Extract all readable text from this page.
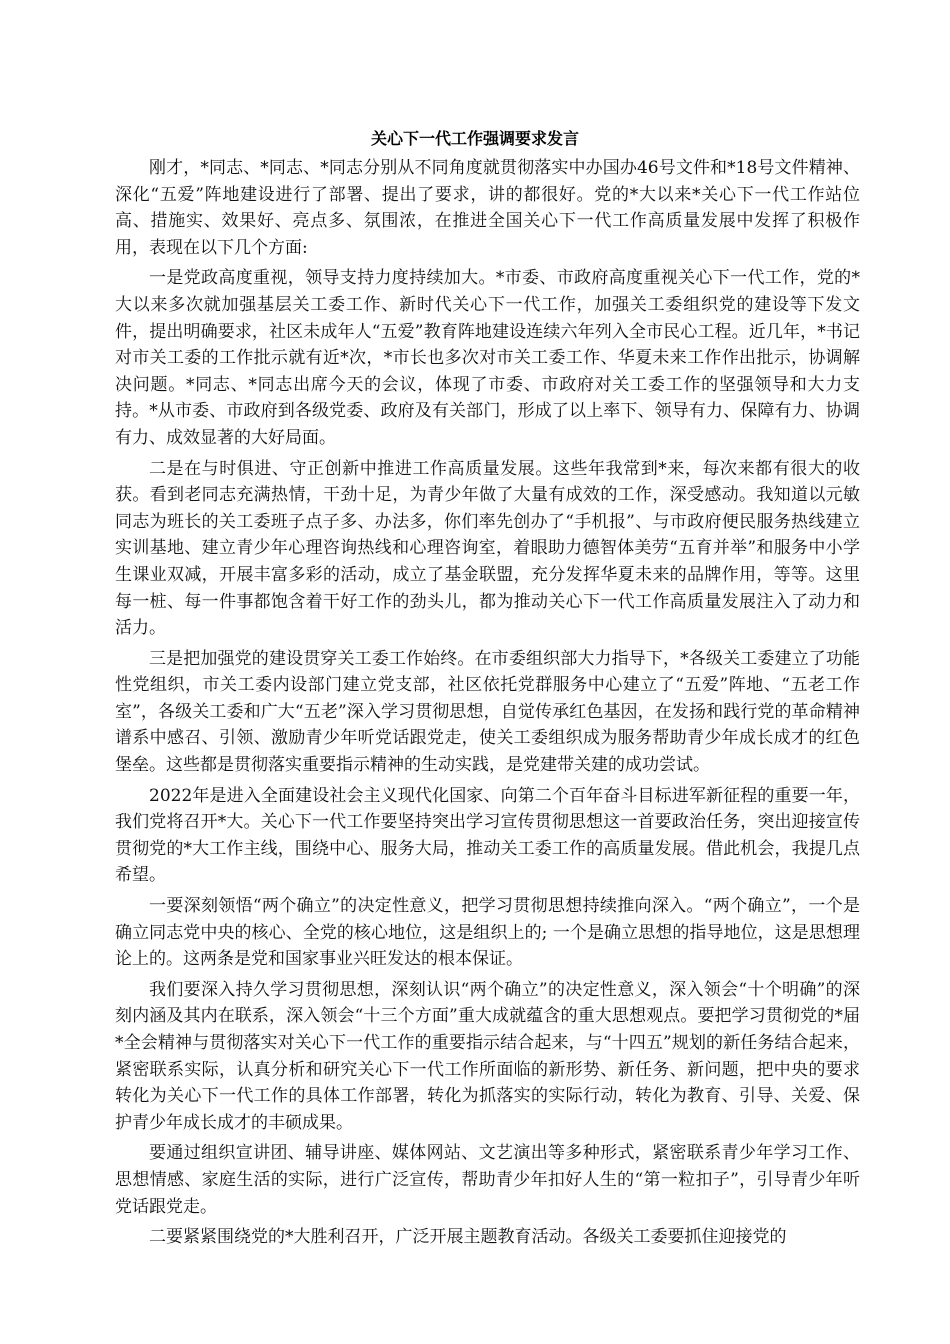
关心下一代工作强调要求发言

刚才，*同志、*同志、*同志分别从不同角度就贯彻落实中办国办46号文件和*18号文件精神、深化“五爱”阵地建设进行了部署、提出了要求，讲的都很好。党的*大以来*关心下一代工作站位高、措施实、效果好、亮点多、氛围浓，在推进全国关心下一代工作高质量发展中发挥了积极作用，表现在以下几个方面:

一是党政高度重视，领导支持力度持续加大。*市委、市政府高度重视关心下一代工作，党的*大以来多次就加强基层关工委工作、新时代关心下一代工作，加强关工委组织党的建设等下发文件，提出明确要求，社区未成年人“五爱”教育阵地建设连续六年列入全市民心工程。近几年，*书记对市关工委的工作批示就有近*次，*市长也多次对市关工委工作、华夏未来工作作出批示，协调解决问题。*同志、*同志出席今天的会议，体现了市委、市政府对关工委工作的坚强领导和大力支持。*从市委、市政府到各级党委、政府及有关部门，形成了以上率下、领导有力、保障有力、协调有力、成效显著的大好局面。

二是在与时俱进、守正创新中推进工作高质量发展。这些年我常到*来，每次来都有很大的收获。看到老同志充满热情，干劲十足，为青少年做了大量有成效的工作，深受感动。我知道以元敏同志为班长的关工委班子点子多、办法多，你们率先创办了“手机报”、与市政府便民服务热线建立实训基地、建立青少年心理咨询热线和心理咨询室，着眼助力德智体美劳“五育并举”和服务中小学生课业双减，开展丰富多彩的活动，成立了基金联盟，充分发挥华夏未来的品牌作用，等等。这里每一桩、每一件事都饱含着干好工作的劲头儿，都为推动关心下一代工作高质量发展注入了动力和活力。

三是把加强党的建设贯穿关工委工作始终。在市委组织部大力指导下，*各级关工委建立了功能性党组织，市关工委内设部门建立党支部，社区依托党群服务中心建立了“五爱”阵地、“五老工作室”，各级关工委和广大“五老”深入学习贯彻思想，自觉传承红色基因，在发扬和践行党的革命精神谱系中感召、引领、激励青少年听党话跟党走，使关工委组织成为服务帮助青少年成长成才的红色堡垒。这些都是贯彻落实重要指示精神的生动实践，是党建带关建的成功尝试。

2022年是进入全面建设社会主义现代化国家、向第二个百年奋斗目标进军新征程的重要一年，我们党将召开*大。关心下一代工作要坚持突出学习宣传贯彻思想这一首要政治任务，突出迎接宣传贯彻党的*大工作主线，围绕中心、服务大局，推动关工委工作的高质量发展。借此机会，我提几点希望。

一要深刻领悟“两个确立”的决定性意义，把学习贯彻思想持续推向深入。“两个确立”，一个是确立同志党中央的核心、全党的核心地位，这是组织上的; 一个是确立思想的指导地位，这是思想理论上的。这两条是党和国家事业兴旺发达的根本保证。

我们要深入持久学习贯彻思想，深刻认识“两个确立”的决定性意义，深入领会“十个明确”的深刻内涵及其内在联系，深入领会“十三个方面”重大成就蕴含的重大思想观点。要把学习贯彻党的*届*全会精神与贯彻落实对关心下一代工作的重要指示结合起来，与“十四五”规划的新任务结合起来，紧密联系实际，认真分析和研究关心下一代工作所面临的新形势、新任务、新问题，把中央的要求转化为关心下一代工作的具体工作部署，转化为抓落实的实际行动，转化为教育、引导、关爱、保护青少年成长成才的丰硕成果。

要通过组织宣讲团、辅导讲座、媒体网站、文艺演出等多种形式，紧密联系青少年学习工作、思想情感、家庭生活的实际，进行广泛宣传，帮助青少年扣好人生的“第一粒扣子”，引导青少年听党话跟党走。

二要紧紧围绕党的*大胜利召开，广泛开展主题教育活动。各级关工委要抓住迎接党的
